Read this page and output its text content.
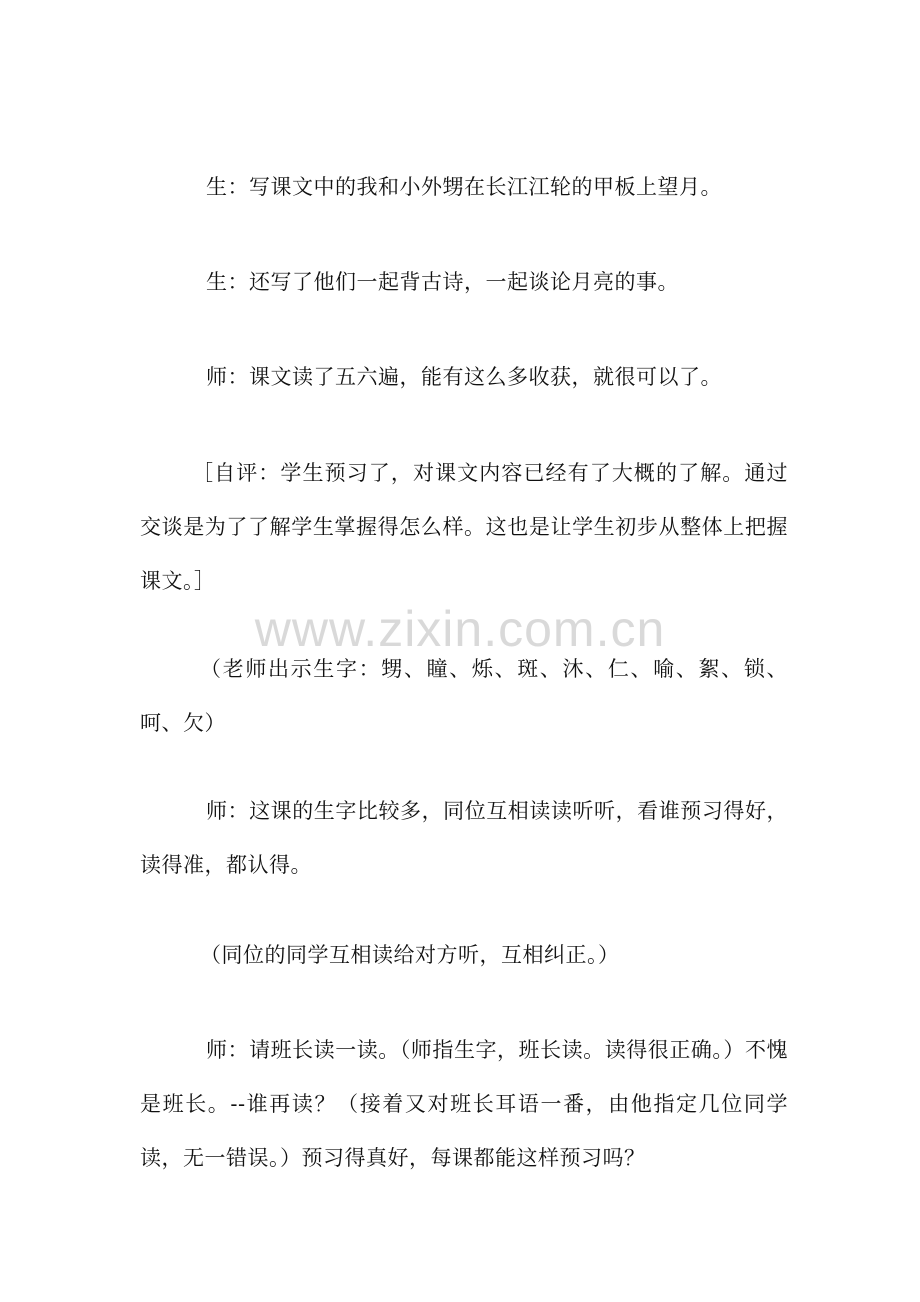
www.zixin.com.cn

生：写课文中的我和小外甥在长江江轮的甲板上望月。

生：还写了他们一起背古诗，一起谈论月亮的事。

师：课文读了五六遍，能有这么多收获，就很可以了。

［自评：学生预习了，对课文内容已经有了大概的了解。通过交谈是为了了解学生掌握得怎么样。这也是让学生初步从整体上把握课文。］

（老师出示生字：甥、瞳、烁、斑、沐、仁、喻、絮、锁、呵、欠）

师：这课的生字比较多，同位互相读读听听，看谁预习得好，读得准，都认得。

（同位的同学互相读给对方听，互相纠正。）

师：请班长读一读。（师指生字，班长读。读得很正确。）不愧是班长。--谁再读？（接着又对班长耳语一番，由他指定几位同学读，无一错误。）预习得真好，每课都能这样预习吗？
